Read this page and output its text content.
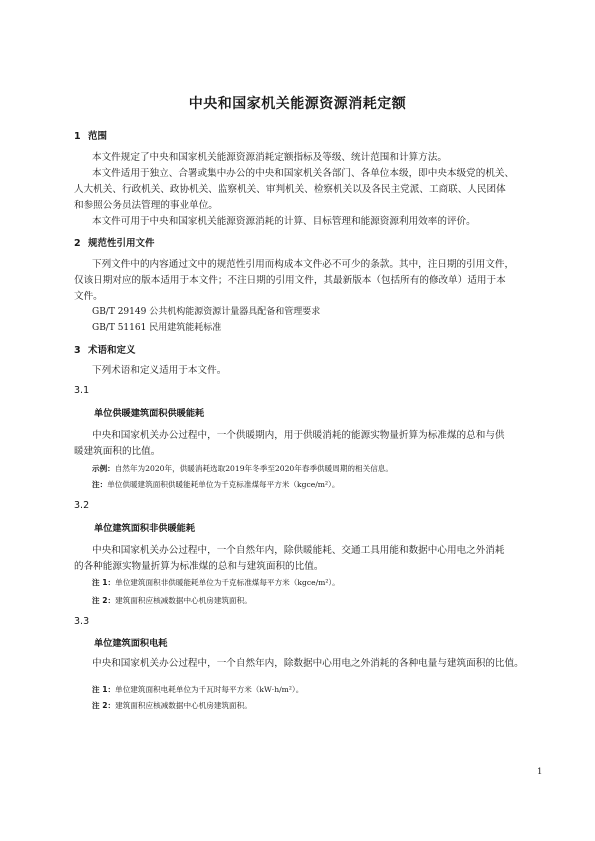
中央和国家机关能源资源消耗定额
1 范围
本文件规定了中央和国家机关能源资源消耗定额指标及等级、统计范围和计算方法。
本文件适用于独立、合署或集中办公的中央和国家机关各部门、各单位本级，即中央本级党的机关、
人大机关、行政机关、政协机关、监察机关、审判机关、检察机关以及各民主党派、工商联、人民团体
和参照公务员法管理的事业单位。
本文件可用于中央和国家机关能源资源消耗的计算、目标管理和能源资源利用效率的评价。
2 规范性引用文件
下列文件中的内容通过文中的规范性引用而构成本文件必不可少的条款。其中，注日期的引用文件，
仅该日期对应的版本适用于本文件；不注日期的引用文件，其最新版本（包括所有的修改单）适用于本
文件。
GB/T 29149 公共机构能源资源计量器具配备和管理要求
GB/T 51161 民用建筑能耗标准
3 术语和定义
下列术语和定义适用于本文件。
3.1
单位供暖建筑面积供暖能耗
中央和国家机关办公过程中，一个供暖期内，用于供暖消耗的能源实物量折算为标准煤的总和与供
暖建筑面积的比值。
示例：自然年为2020年，供暖消耗选取2019年冬季至2020年春季供暖周期的相关信息。
注：单位供暖建筑面积供暖能耗单位为千克标准煤每平方米（kgce/m²）。
3.2
单位建筑面积非供暖能耗
中央和国家机关办公过程中，一个自然年内，除供暖能耗、交通工具用能和数据中心用电之外消耗
的各种能源实物量折算为标准煤的总和与建筑面积的比值。
注 1：单位建筑面积非供暖能耗单位为千克标准煤每平方米（kgce/m²）。
注 2：建筑面积应核减数据中心机房建筑面积。
3.3
单位建筑面积电耗
中央和国家机关办公过程中，一个自然年内，除数据中心用电之外消耗的各种电量与建筑面积的比值。
注 1：单位建筑面积电耗单位为千瓦时每平方米（kW·h/m²）。
注 2：建筑面积应核减数据中心机房建筑面积。
1
